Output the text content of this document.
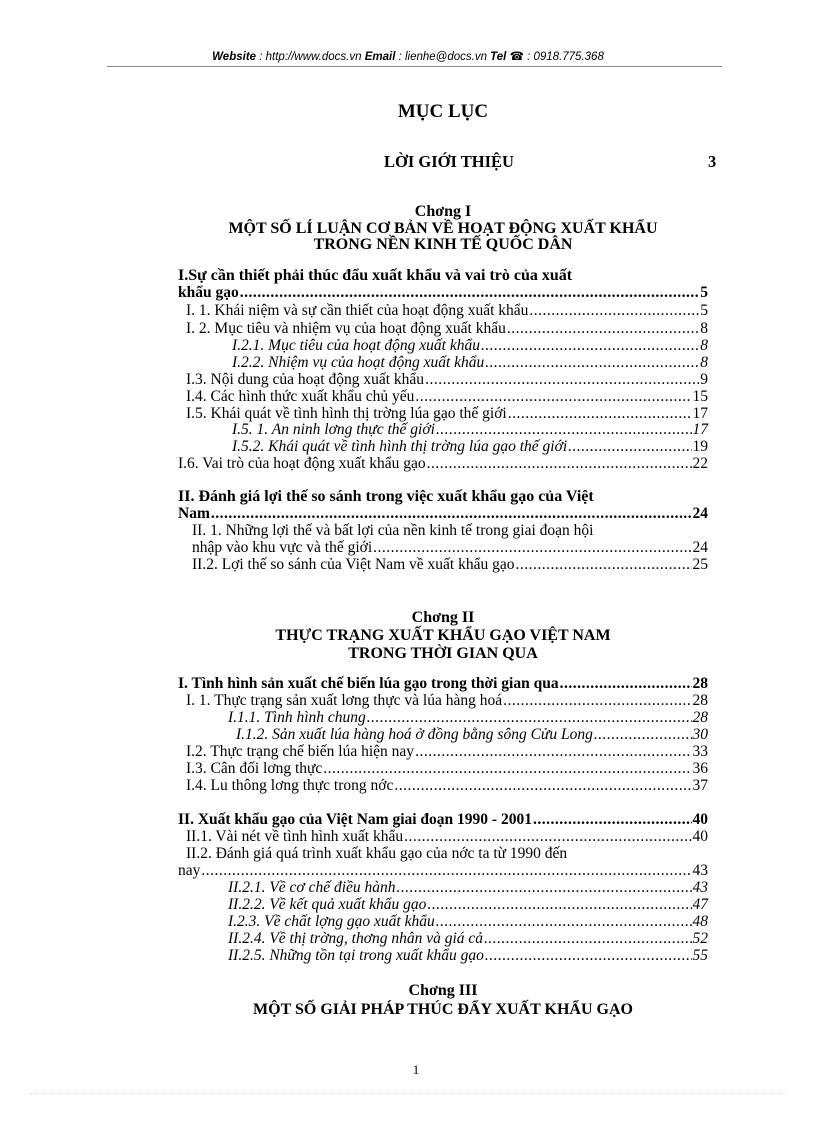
Website : http://www.docs.vn Email : lienhe@docs.vn Tel ☎ : 0918.775.368
MỤC LỤC
LỜI GIỚI THIỆU	3
Chơng I
MỘT SỐ LÍ LUẬN CƠ BẢN VỀ HOẠT ĐỘNG XUẤT KHẨU
TRONG NỀN KINH TẾ QUỐC DÂN
I.Sự cần thiết phải thúc đẩu xuất khẩu và vai trò của xuất
khẩu gạo .....	5
I. 1. Khái niệm và sự cần thiết của hoạt động xuất khẩu .....	5
I. 2. Mục tiêu và nhiệm vụ của hoạt động xuất khẩu .....	8
I.2.1. Mục tiêu của hoạt động xuất khẩu .....	8
I.2.2. Nhiệm vụ của hoạt động xuất khẩu .....	8
I.3. Nội dung của hoạt động xuất khẩu .....	9
I.4. Các hình thức xuất khẩu chủ yếu .....	15
I.5. Khái quát về tình hình thị trờng lúa gạo thế giới .....	17
I.5. 1. An ninh lơng thực thế giới .....	17
I.5.2. Khái quát về tình hình thị trờng lúa gạo thế giới .....	19
I.6. Vai trò của hoạt động xuất khẩu gạo .....	22
II. Đánh giá lợi thế so sánh trong việc xuất khẩu gạo của Việt
Nam .....	24
II. 1. Những lợi thế và bất lợi của nền kinh tế trong giai đoạn hội
nhập vào khu vực và thế giới .....	24
II.2. Lợi thế so sánh của Việt Nam về xuất khẩu gạo .....	25
Chơng II
THỰC TRẠNG XUẤT KHẨU GẠO VIỆT NAM
TRONG THỜI GIAN QUA
I. Tình hình sản xuất chế biến lúa gạo trong thời gian qua .....	28
I. 1. Thực trạng sản xuất lơng thực và lúa hàng hoá .....	28
I.1.1. Tình hình chung .....	28
I.1.2. Sản xuất lúa hàng hoá ở đồng bằng sông Cửu Long .....	30
I.2. Thực trạng chế biến lúa hiện nay .....	33
I.3. Cân đối lơng thực .....	36
I.4. Lu thông lơng thực trong nớc .....	37
II. Xuất khẩu gạo của Việt Nam giai đoạn 1990 - 2001 .....	40
II.1. Vài nét về tình hình xuất khẩu .....	40
II.2. Đánh giá quá trình xuất khẩu gạo của nớc ta từ 1990 đến
nay .....	43
II.2.1. Về cơ chế điều hành .....	43
II.2.2. Về kết quả xuất khẩu gạo .....	47
I.2.3. Về chất lợng gạo xuất khẩu .....	48
II.2.4. Về thị trờng, thơng nhân và giá cả .....	52
II.2.5. Những tồn tại trong xuất khẩu gạo .....	55
Chơng III
MỘT SỐ GIẢI PHÁP THÚC ĐẨY XUẤT KHẨU GẠO
1
